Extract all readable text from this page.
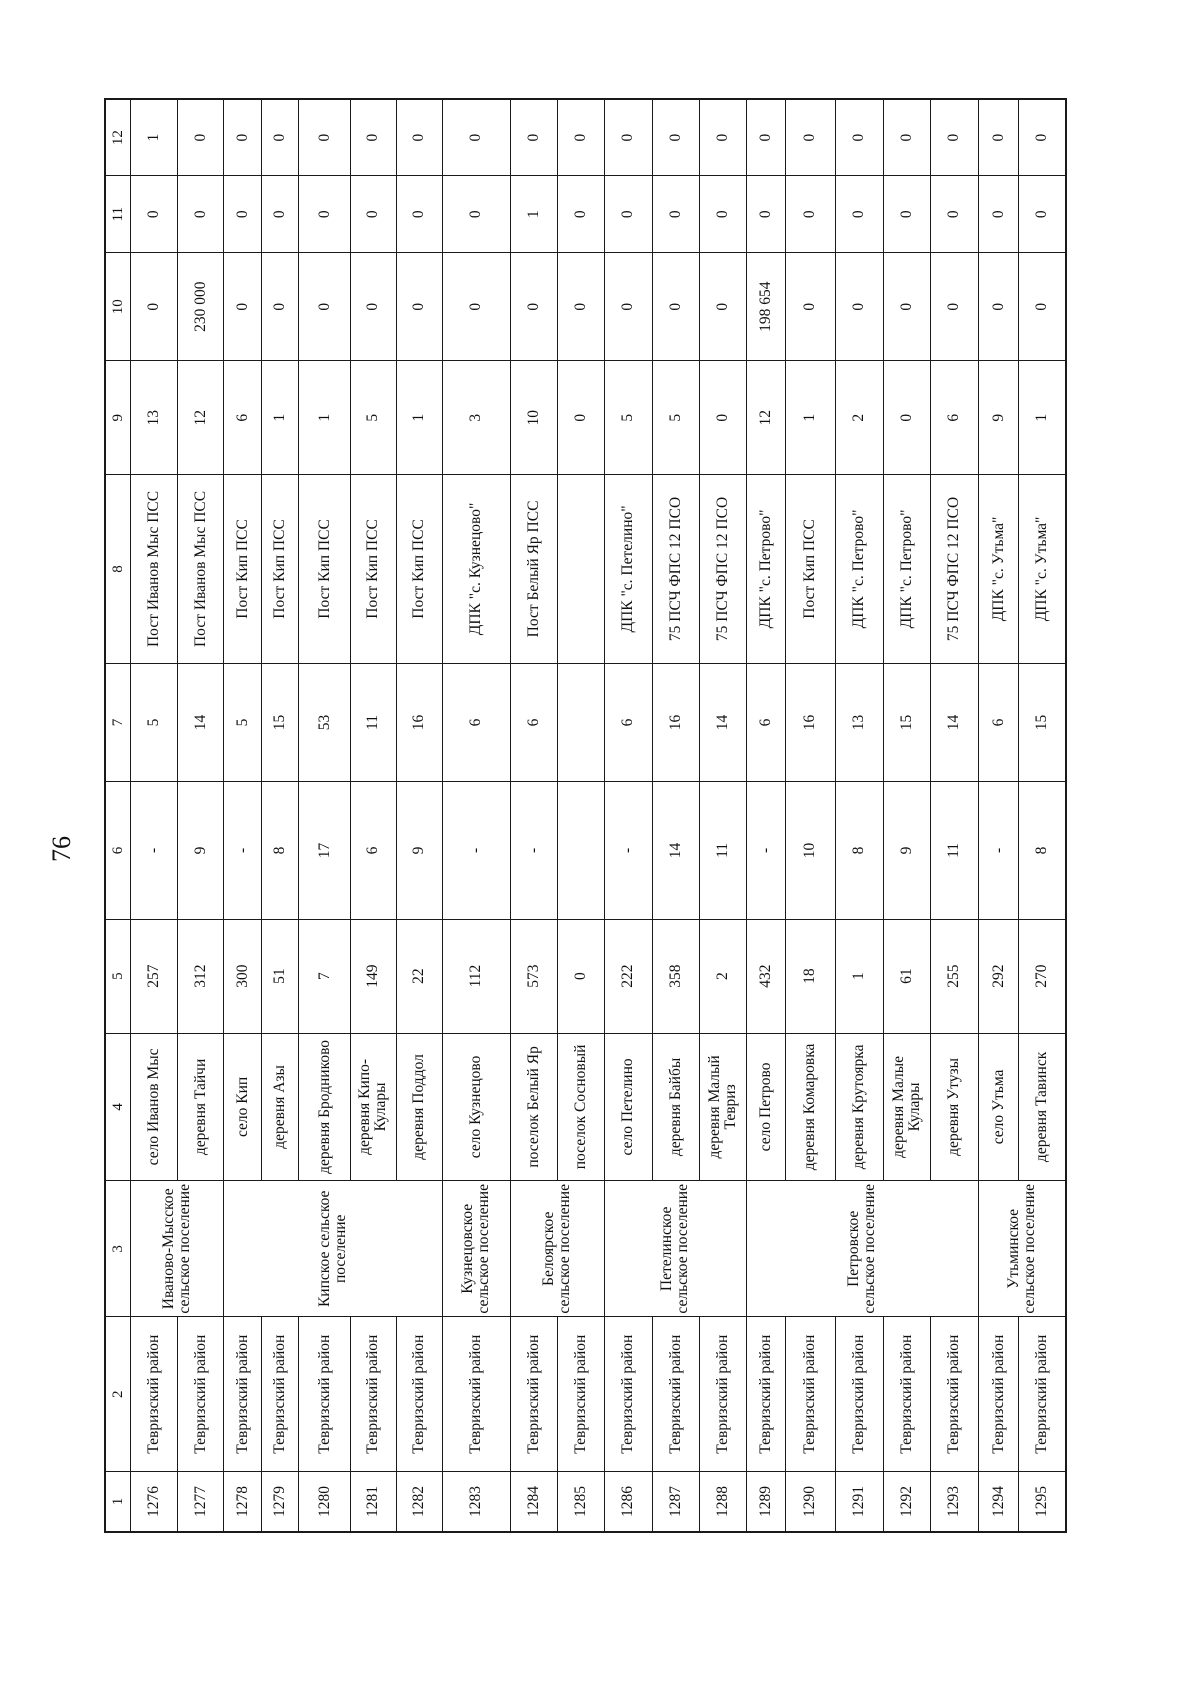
76
1	2	3	4	5	6	7	8	9	10	11	12
1276	Тевризский район	Иваново-Мысское сельское поселение	село Иванов Мыс	257	-	5	Пост Иванов Мыс ПСС	13	0	0	1
1277	Тевризский район		деревня Тайчи	312	9	14	Пост Иванов Мыс ПСС	12	230 000	0	0
1278	Тевризский район	Кипское сельское поселение	село Кип	300	-	5	Пост Кип ПСС	6	0	0	0
1279	Тевризский район		деревня Азы	51	8	15	Пост Кип ПСС	1	0	0	0
1280	Тевризский район		деревня Бродниково	7	17	53	Пост Кип ПСС	1	0	0	0
1281	Тевризский район		деревня Кипо-Кулары	149	6	11	Пост Кип ПСС	5	0	0	0
1282	Тевризский район		деревня Поддол	22	9	16	Пост Кип ПСС	1	0	0	0
1283	Тевризский район	Кузнецовское сельское поселение	село Кузнецово	112	-	6	ДПК "с. Кузнецово"	3	0	0	0
1284	Тевризский район	Белоярское сельское поселение	поселок Белый Яр	573	-	6	Пост Белый Яр ПСС	10	0	1	0
1285	Тевризский район		поселок Сосновый	0				0	0	0	0
1286	Тевризский район	Петелинское сельское поселение	село Петелино	222	-	6	ДПК "с. Петелино"	5	0	0	0
1287	Тевризский район		деревня Байбы	358	14	16	75 ПСЧ ФПС 12 ПСО	5	0	0	0
1288	Тевризский район		деревня Малый Тевриз	2	11	14	75 ПСЧ ФПС 12 ПСО	0	0	0	0
1289	Тевризский район	Петровское сельское поселение	село Петрово	432	-	6	ДПК "с. Петрово"	12	198 654	0	0
1290	Тевризский район		деревня Комаровка	18	10	16	Пост Кип ПСС	1	0	0	0
1291	Тевризский район		деревня Крутоярка	1	8	13	ДПК "с. Петрово"	2	0	0	0
1292	Тевризский район		деревня Малые Кулары	61	9	15	ДПК "с. Петрово"	0	0	0	0
1293	Тевризский район		деревня Утузы	255	11	14	75 ПСЧ ФПС 12 ПСО	6	0	0	0
1294	Тевризский район	Утьминское сельское поселение	село Утьма	292	-	6	ДПК "с. Утьма"	9	0	0	0
1295	Тевризский район		деревня Тавинск	270	8	15	ДПК "с. Утьма"	1	0	0	0
